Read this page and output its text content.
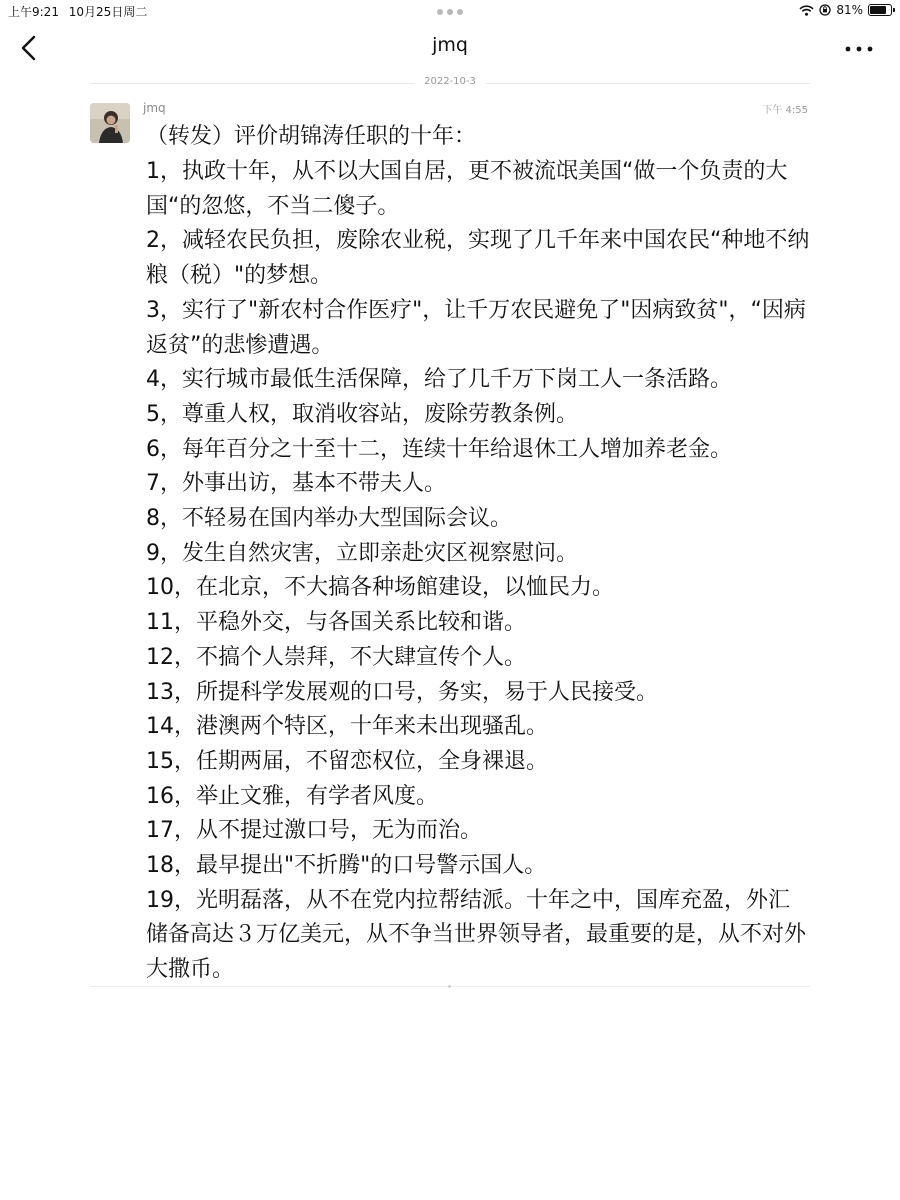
上午9:21 10月25日周二	81%
jmq
2022-10-3
jmq	下午 4:55
（转发）评价胡锦涛任职的十年：
1，执政十年，从不以大国自居，更不被流氓美国“做一个负责的大国“的忽悠，不当二傻子。
2，减轻农民负担，废除农业税，实现了几千年来中国农民“种地不纳粮（税）"的梦想。
3，实行了"新农村合作医疗"，让千万农民避免了"因病致贫"，“因病返贫”的悲惨遭遇。
4，实行城市最低生活保障，给了几千万下岗工人一条活路。
5，尊重人权，取消收容站，废除劳教条例。
6，每年百分之十至十二，连续十年给退休工人增加养老金。
7，外事出访，基本不带夫人。
8，不轻易在国内举办大型国际会议。
9，发生自然灾害，立即亲赴灾区视察慰问。
10，在北京，不大搞各种场館建设，以恤民力。
11，平稳外交，与各国关系比较和谐。
12，不搞个人崇拜，不大肆宣传个人。
13，所提科学发展观的口号，务实，易于人民接受。
14，港澳两个特区，十年来未出现骚乱。
15，任期两届，不留恋权位，全身裸退。
16，举止文雅，有学者风度。
17，从不提过激口号，无为而治。
18，最早提出"不折腾"的口号警示国人。
19，光明磊落，从不在党内拉帮结派。十年之中，国库充盈，外汇储备高达３万亿美元，从不争当世界领导者，最重要的是，从不对外大撒币。
